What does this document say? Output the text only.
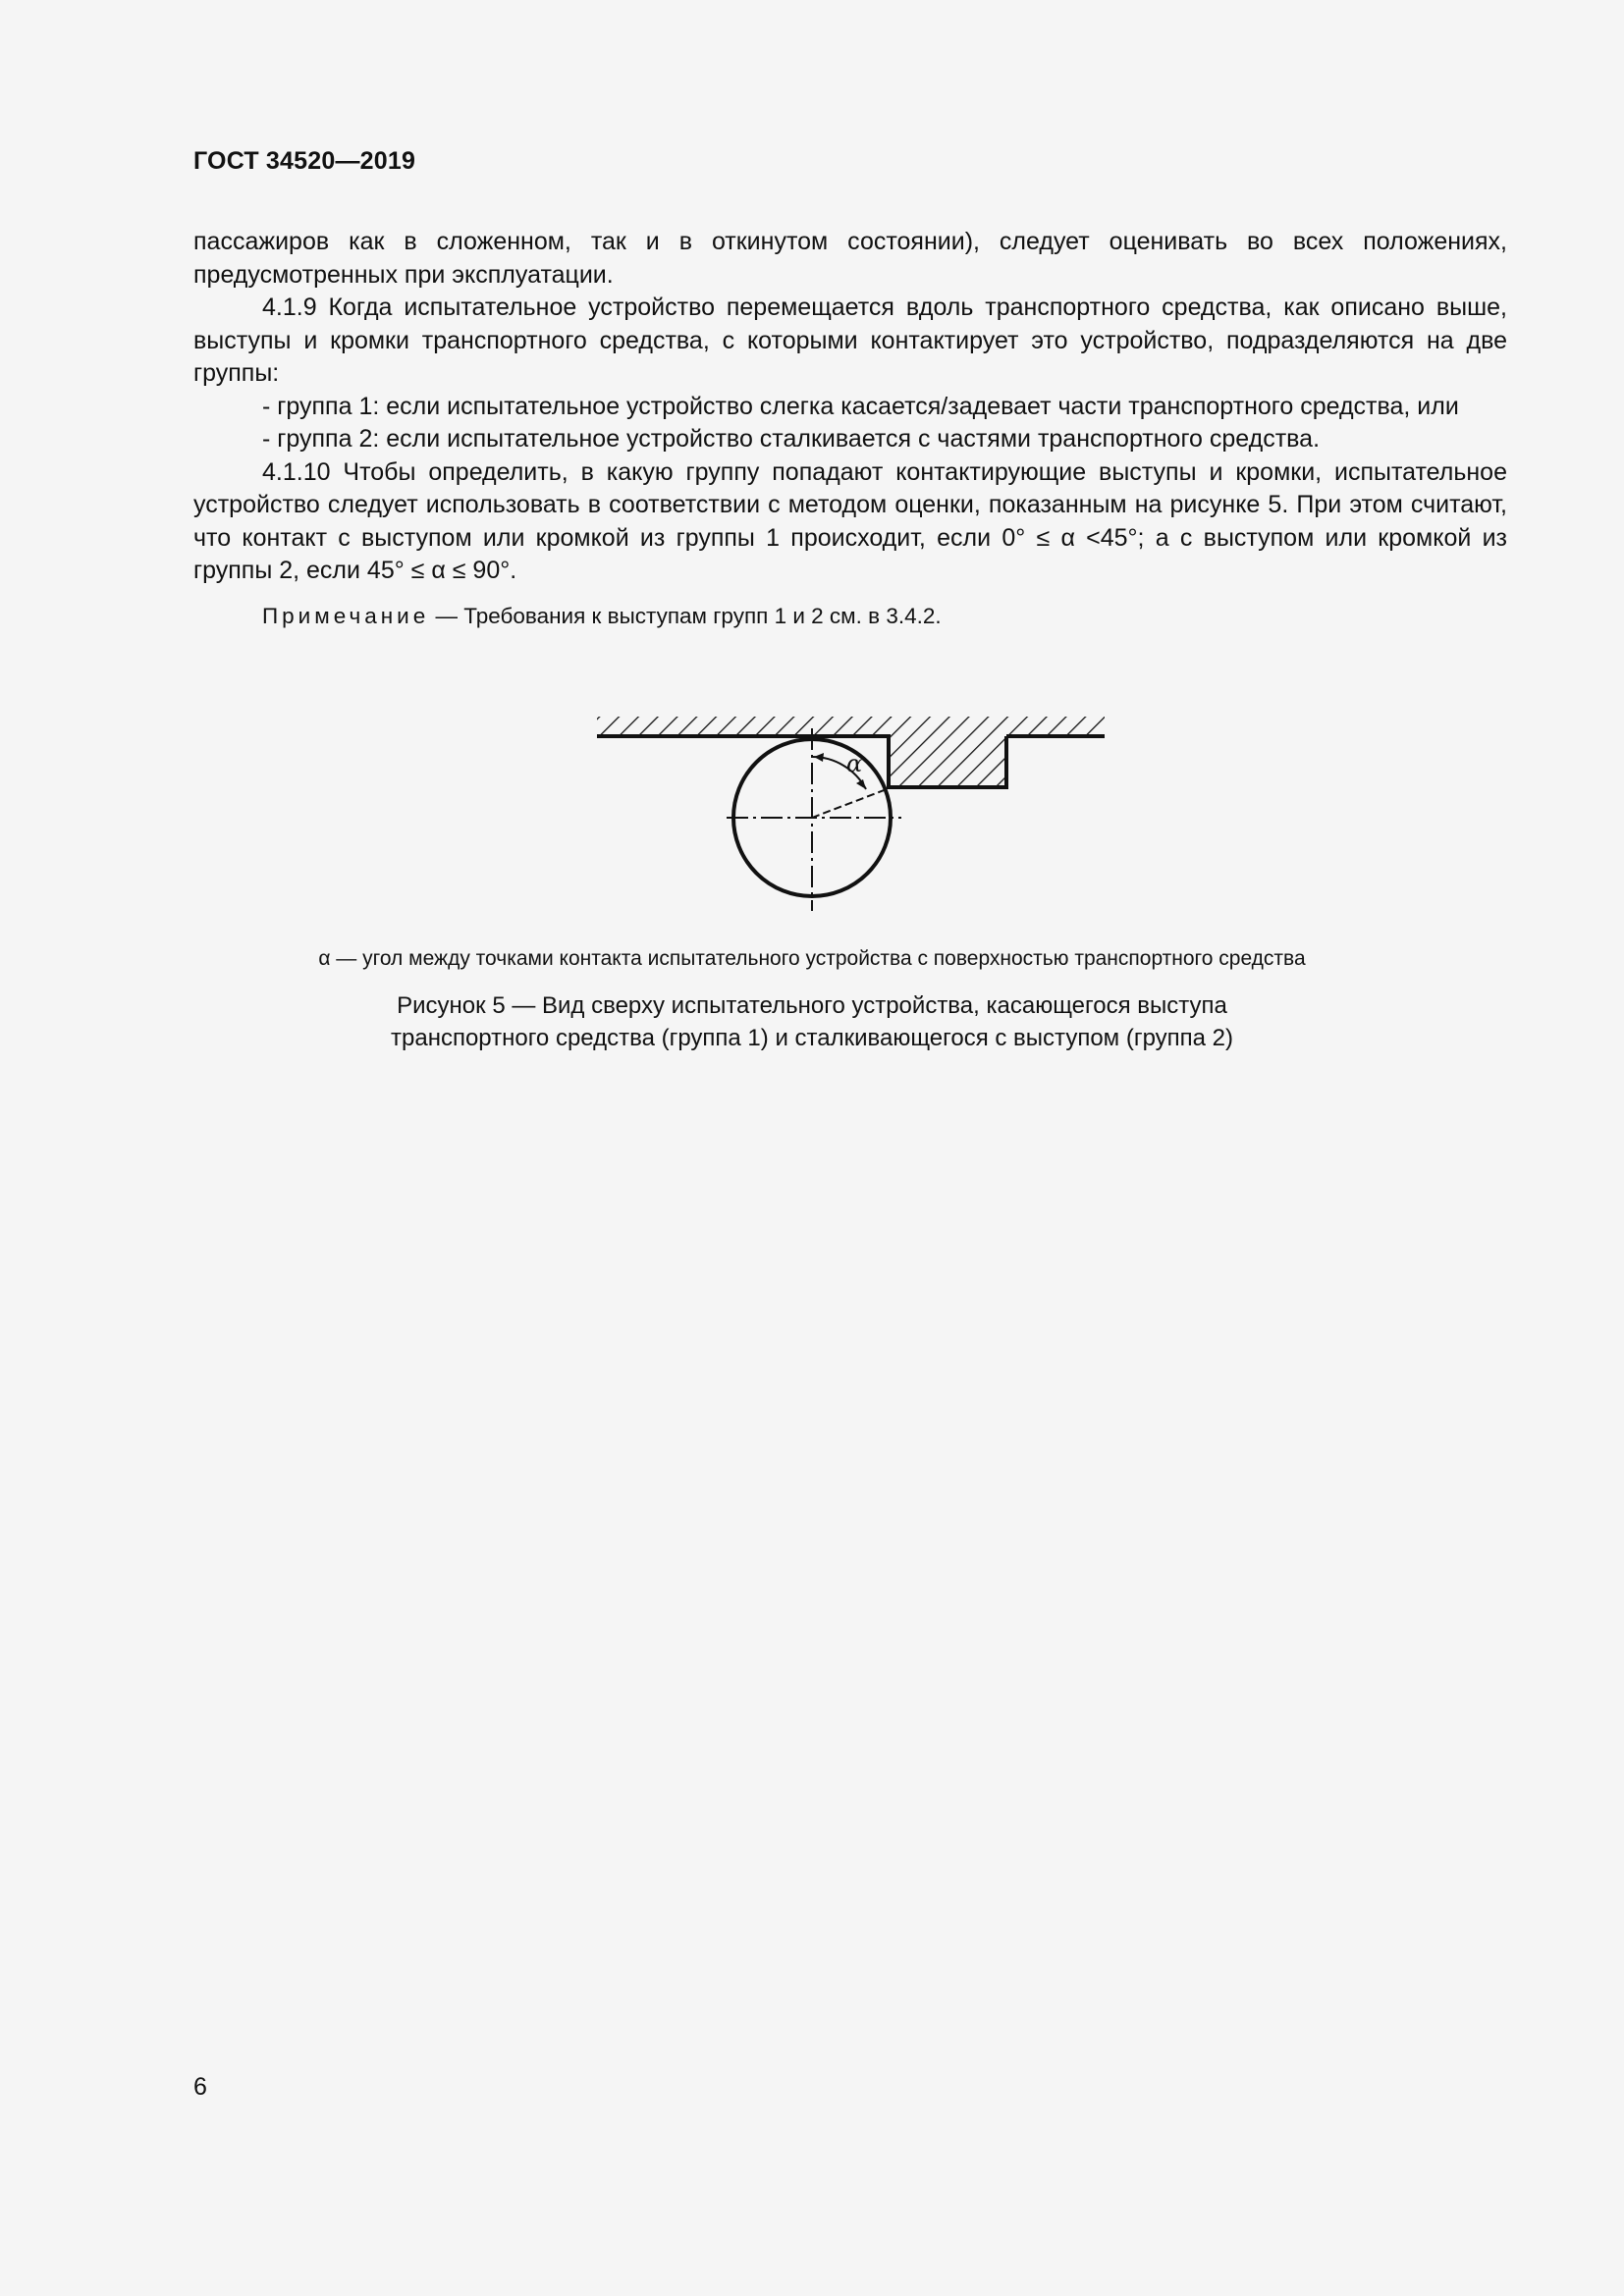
ГОСТ 34520—2019

пассажиров как в сложенном, так и в откинутом состоянии), следует оценивать во всех положениях, предусмотренных при эксплуатации.

4.1.9 Когда испытательное устройство перемещается вдоль транспортного средства, как описано выше, выступы и кромки транспортного средства, с которыми контактирует это устройство, подразделяются на две группы:

- группа 1: если испытательное устройство слегка касается/задевает части транспортного средства, или

- группа 2: если испытательное устройство сталкивается с частями транспортного средства.

4.1.10 Чтобы определить, в какую группу попадают контактирующие выступы и кромки, испытательное устройство следует использовать в соответствии с методом оценки, показанным на рисунке 5. При этом считают, что контакт с выступом или кромкой из группы 1 происходит, если 0° ≤ α <45°; а с выступом или кромкой из группы 2, если 45° ≤ α ≤ 90°.

Примечание — Требования к выступам групп 1 и 2 см. в 3.4.2.

α
α — угол между точками контакта испытательного устройства с поверхностью транспортного средства
Рисунок 5 — Вид сверху испытательного устройства, касающегося выступа
транспортного средства (группа 1) и сталкивающегося с выступом (группа 2)
6
